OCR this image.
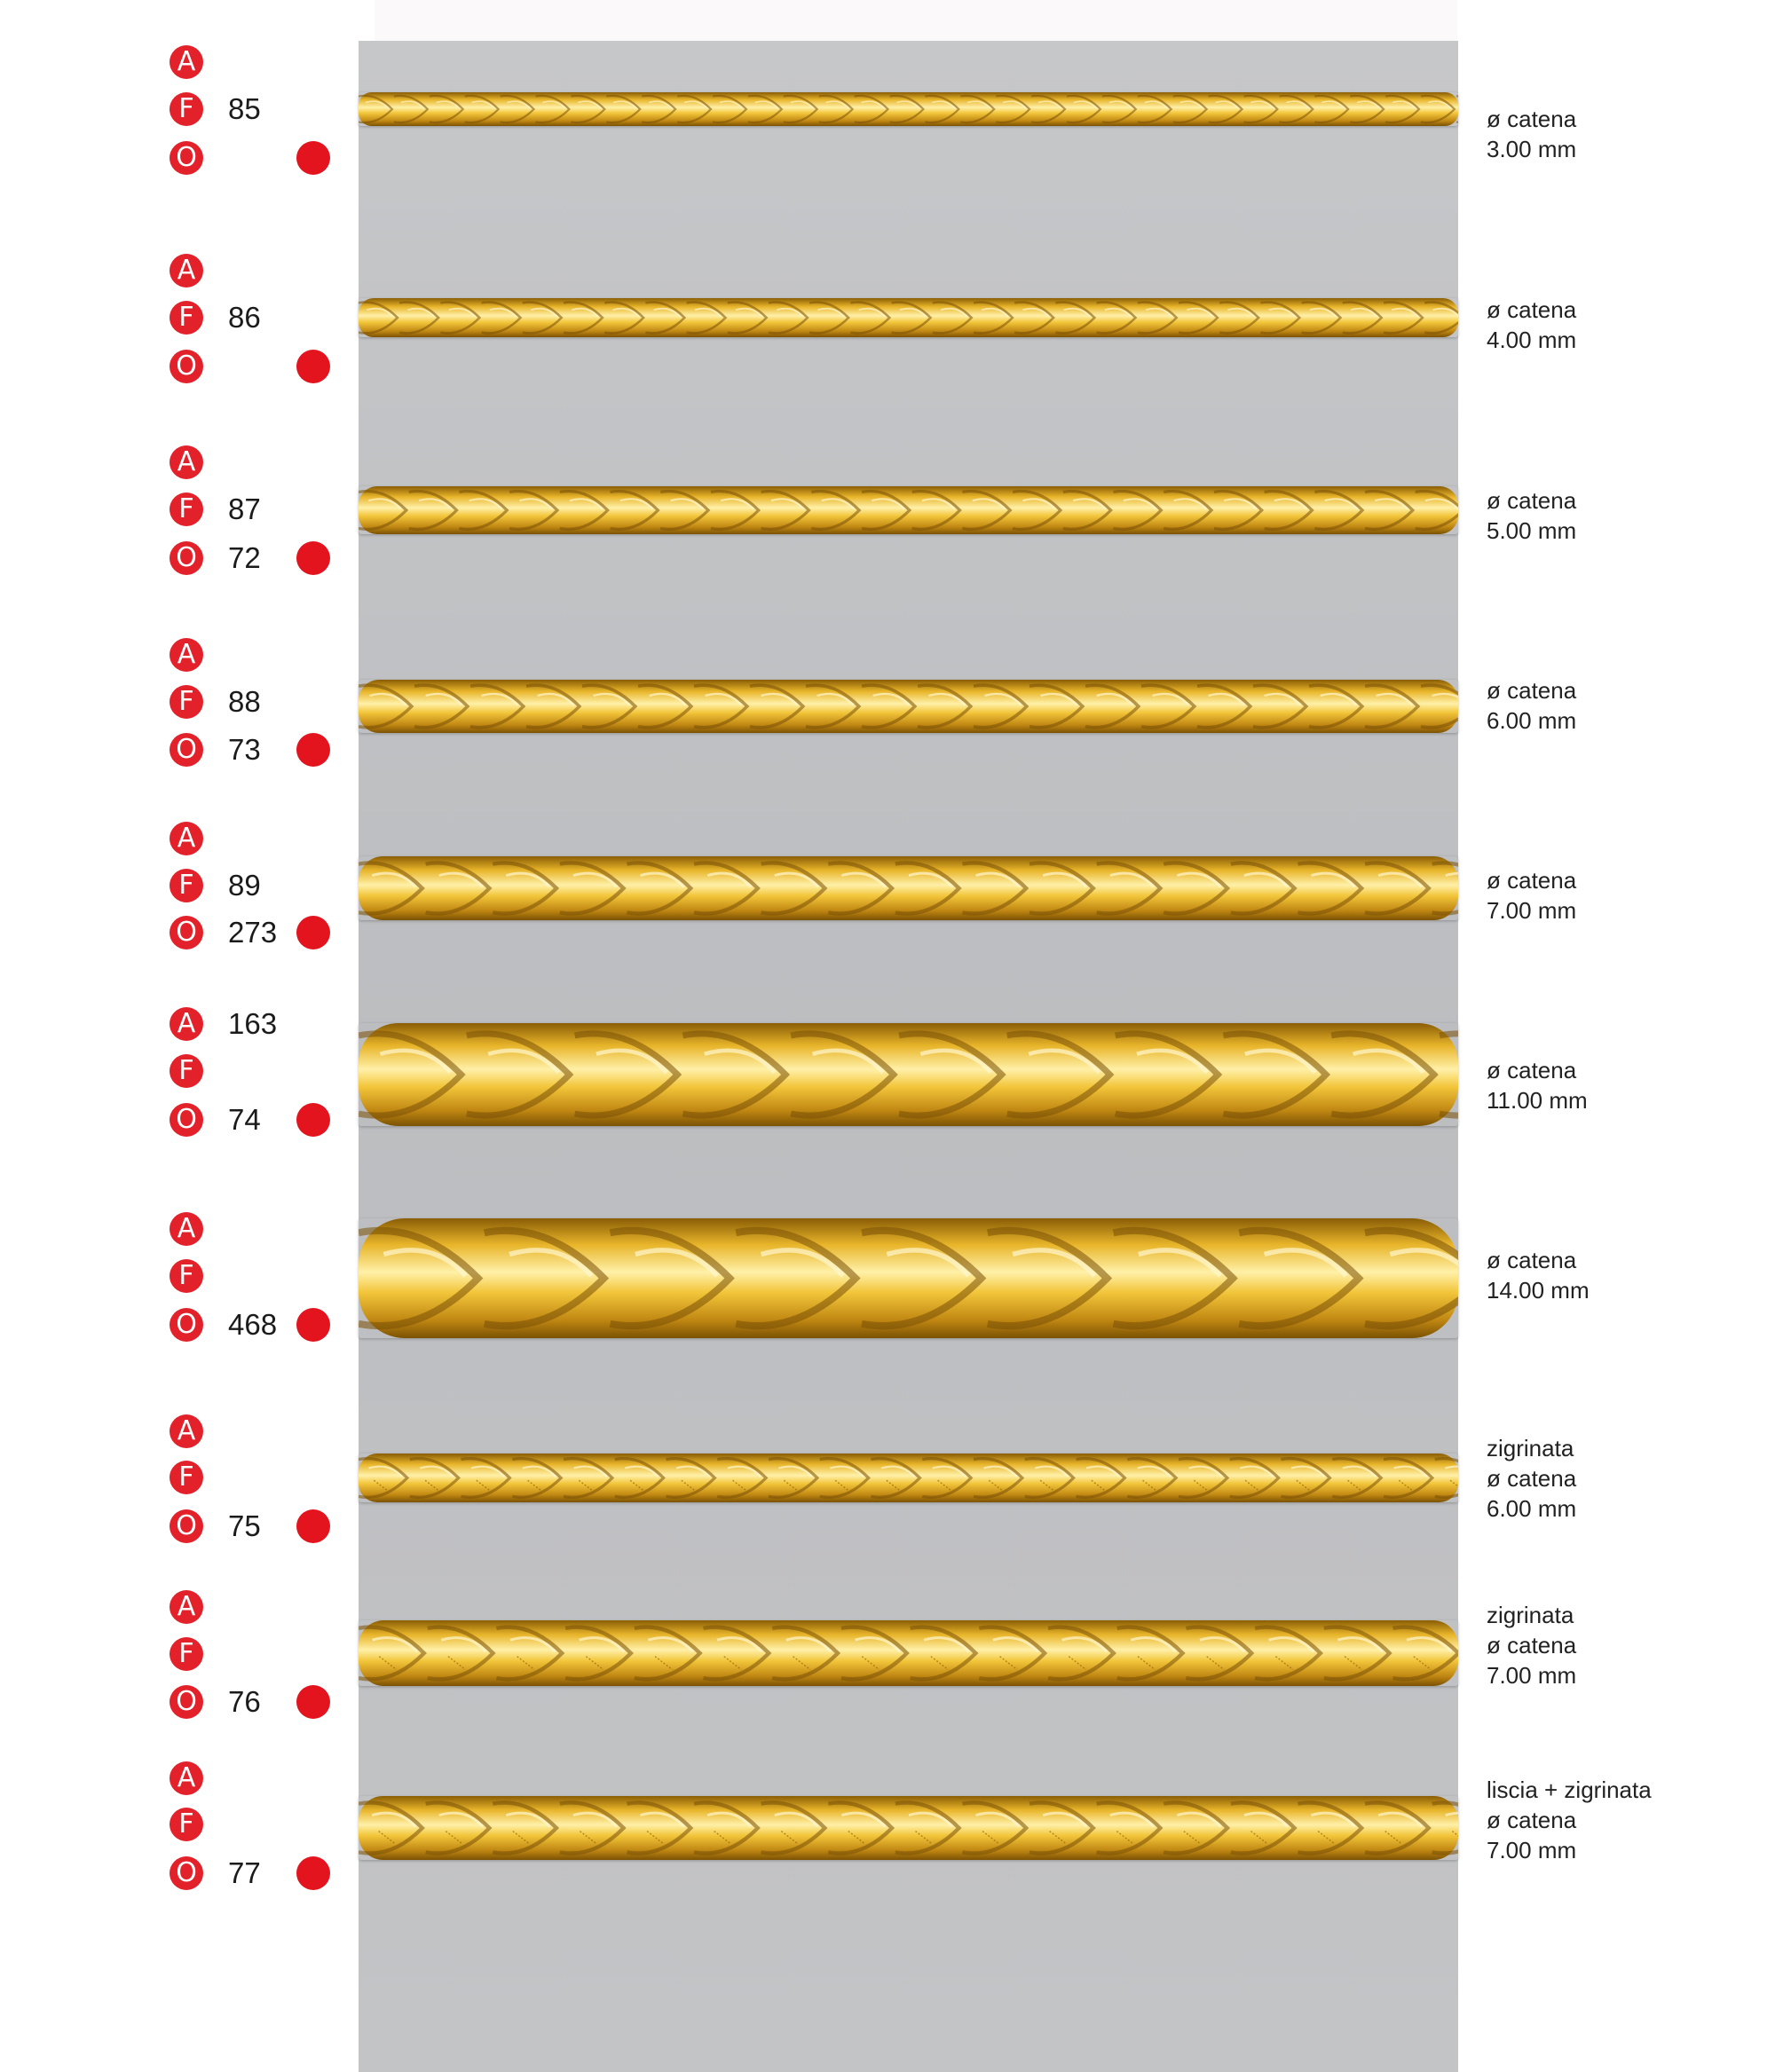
A
F	85
O
ø catena
3.00 mm
A
F	86
O
ø catena
4.00 mm
A
F	87
O 72
ø catena
5.00 mm
A
F	88
O 73
ø catena
6.00 mm
A
F	89
O 273
ø catena
7.00 mm
A 163
F
O 74
ø catena
11.00 mm
A
F
O 468
ø catena
14.00 mm
A
F
O 75
zigrinata
ø catena
6.00 mm
A
F
O 76
zigrinata
ø catena
7.00 mm
A
F
O 77
liscia + zigrinata
ø catena
7.00 mm
